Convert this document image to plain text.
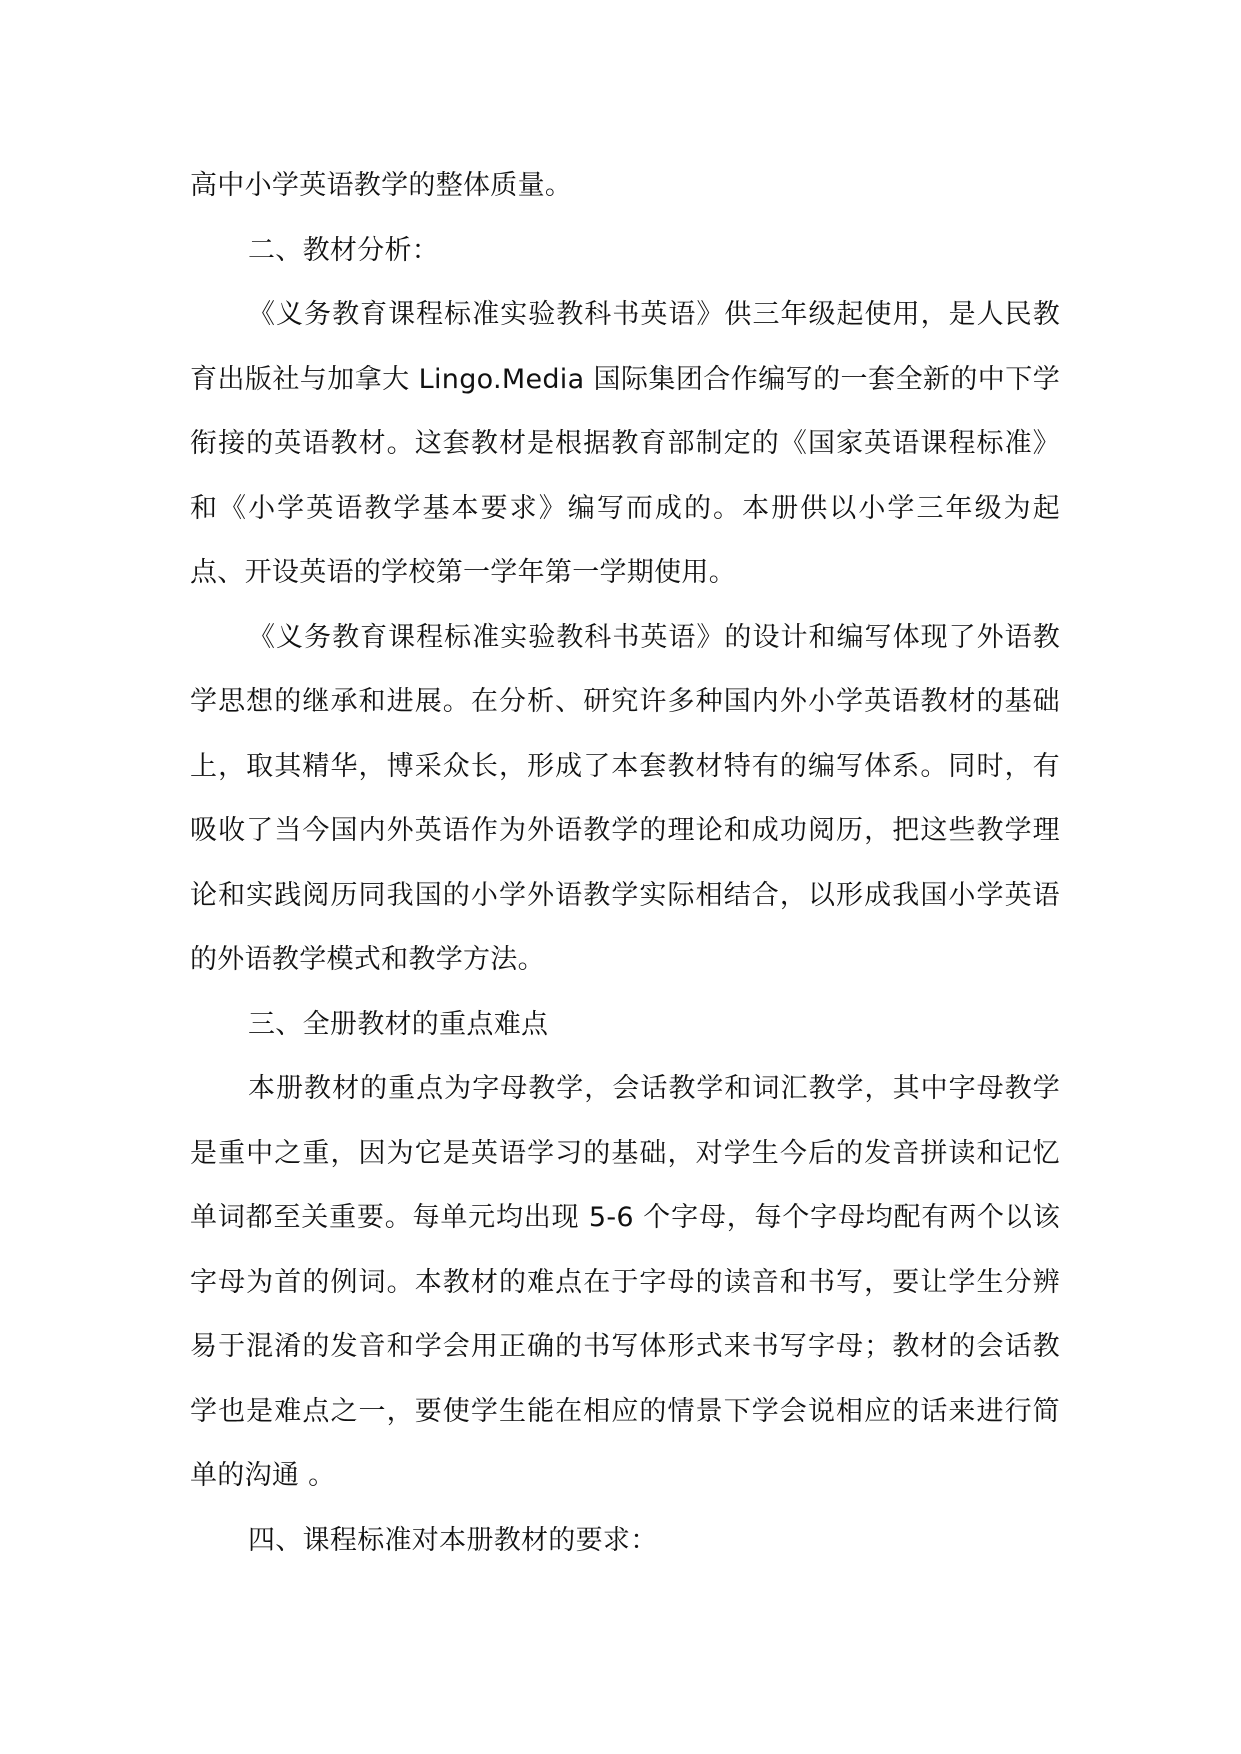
高中小学英语教学的整体质量。

二、教材分析：

《义务教育课程标准实验教科书英语》供三年级起使用，是人民教育出版社与加拿大 Lingo.Media 国际集团合作编写的一套全新的中下学衔接的英语教材。这套教材是根据教育部制定的《国家英语课程标准》和《小学英语教学基本要求》编写而成的。本册供以小学三年级为起点、开设英语的学校第一学年第一学期使用。

《义务教育课程标准实验教科书英语》的设计和编写体现了外语教学思想的继承和进展。在分析、研究许多种国内外小学英语教材的基础上，取其精华，博采众长，形成了本套教材特有的编写体系。同时，有吸收了当今国内外英语作为外语教学的理论和成功阅历，把这些教学理论和实践阅历同我国的小学外语教学实际相结合，以形成我国小学英语的外语教学模式和教学方法。

三、全册教材的重点难点

本册教材的重点为字母教学，会话教学和词汇教学，其中字母教学是重中之重，因为它是英语学习的基础，对学生今后的发音拼读和记忆单词都至关重要。每单元均出现 5-6 个字母，每个字母均配有两个以该字母为首的例词。本教材的难点在于字母的读音和书写，要让学生分辨易于混淆的发音和学会用正确的书写体形式来书写字母；教材的会话教学也是难点之一，要使学生能在相应的情景下学会说相应的话来进行简单的沟通 。

四、课程标准对本册教材的要求：
